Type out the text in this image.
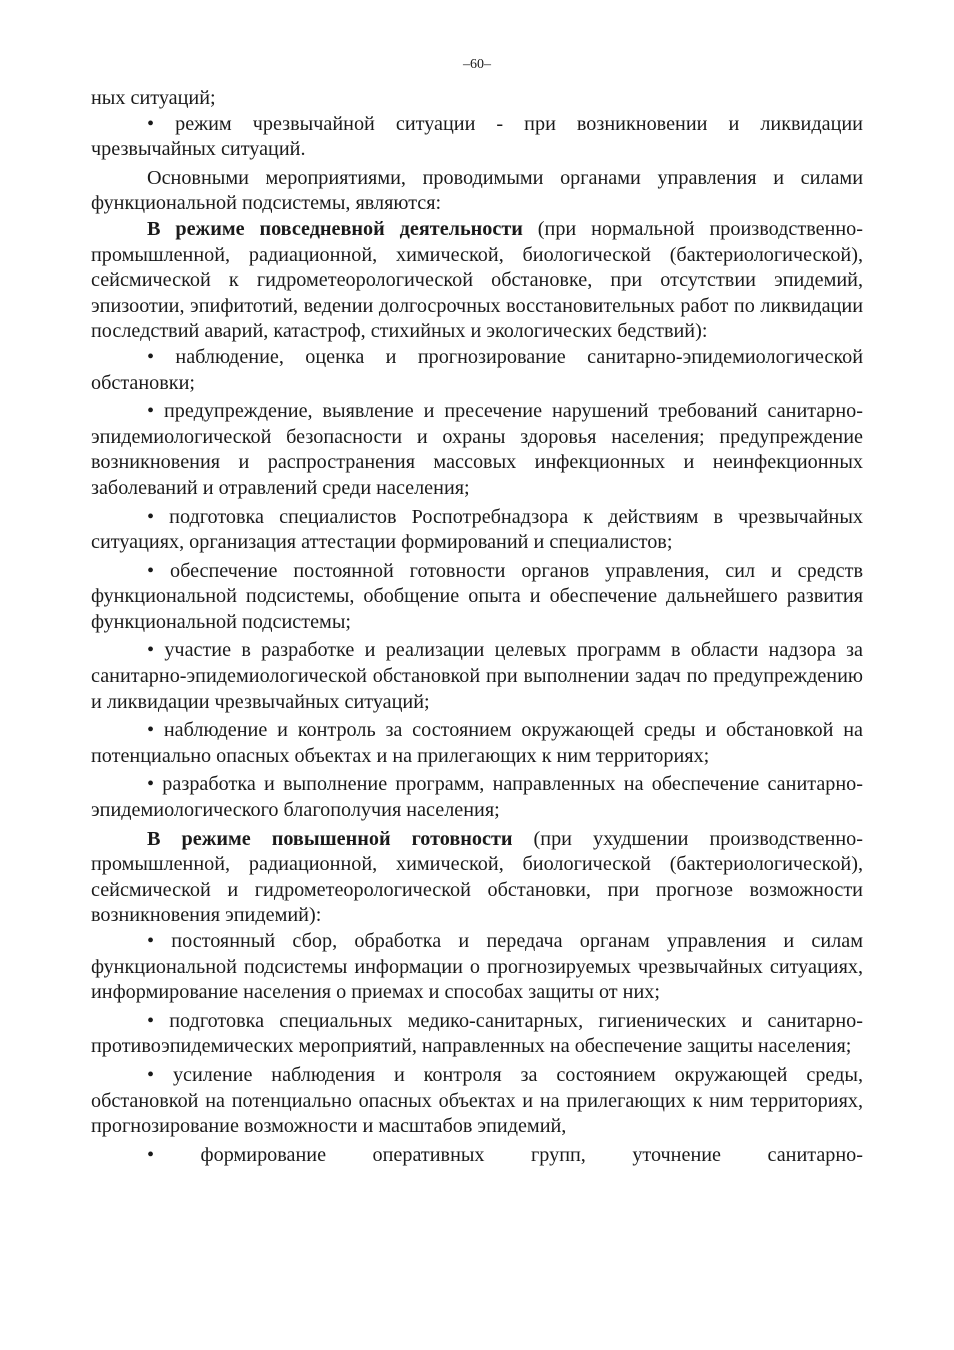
–60–

ных ситуаций;

• режим чрезвычайной ситуации - при возникновении и ликвидации чрезвычайных ситуаций.

Основными мероприятиями, проводимыми органами управления и силами функциональной подсистемы, являются:

В режиме повседневной деятельности (при нормальной производственно-промышленной, радиационной, химической, биологической (бактериологической), сейсмической к гидрометеорологической обстановке, при отсутствии эпидемий, эпизоотии, эпифитотий, ведении долгосрочных восстановительных работ по ликвидации последствий аварий, катастроф, стихийных и экологических бедствий):

• наблюдение, оценка и прогнозирование санитарно-эпидемиологической обстановки;

• предупреждение, выявление и пресечение нарушений требований санитарно-эпидемиологической безопасности и охраны здоровья населения; предупреждение возникновения и распространения массовых инфекционных и неинфекционных заболеваний и отравлений среди населения;

• подготовка специалистов Роспотребнадзора к действиям в чрезвычайных ситуациях, организация аттестации формирований и специалистов;

• обеспечение постоянной готовности органов управления, сил и средств функциональной подсистемы, обобщение опыта и обеспечение дальнейшего развития функциональной подсистемы;

• участие в разработке и реализации целевых программ в области надзора за санитарно-эпидемиологической обстановкой при выполнении задач по предупреждению и ликвидации чрезвычайных ситуаций;

• наблюдение и контроль за состоянием окружающей среды и обстановкой на потенциально опасных объектах и на прилегающих к ним территориях;

• разработка и выполнение программ, направленных на обеспечение санитарно-эпидемиологического благополучия населения;

В режиме повышенной готовности (при ухудшении производственно-промышленной, радиационной, химической, биологической (бактериологической), сейсмической и гидрометеорологической обстановки, при прогнозе возможности возникновения эпидемий):

• постоянный сбор, обработка и передача органам управления и силам функциональной подсистемы информации о прогнозируемых чрезвычайных ситуациях, информирование населения о приемах и способах защиты от них;

• подготовка специальных медико-санитарных, гигиенических и санитарно-противоэпидемических мероприятий, направленных на обеспечение защиты населения;

• усиление наблюдения и контроля за состоянием окружающей среды, обстановкой на потенциально опасных объектах и на прилегающих к ним территориях, прогнозирование возможности и масштабов эпидемий,

• формирование оперативных групп, уточнение санитарно-
